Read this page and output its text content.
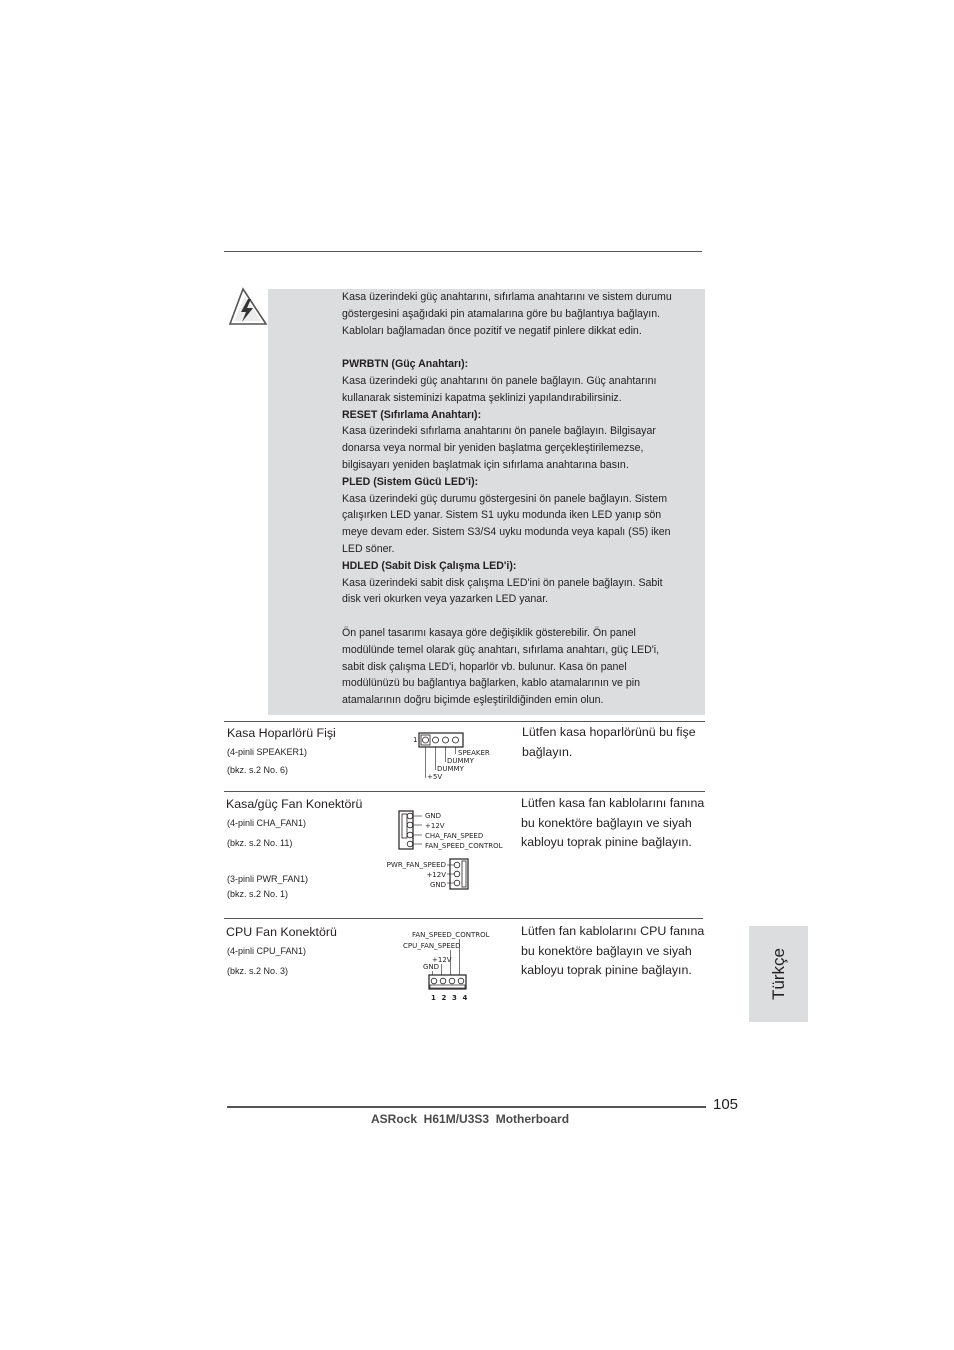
Kasa üzerindeki güç anahtarını, sıfırlama anahtarını ve sistem durumu

göstergesini aşağıdaki pin atamalarına göre bu bağlantıya bağlayın.

Kabloları bağlamadan önce pozitif ve negatif pinlere dikkat edin.

PWRBTN (Güç Anahtarı):

Kasa üzerindeki güç anahtarını ön panele bağlayın. Güç anahtarını

kullanarak sisteminizi kapatma şeklinizi yapılandırabilirsiniz.

RESET (Sıfırlama Anahtarı):

Kasa üzerindeki sıfırlama anahtarını ön panele bağlayın. Bilgisayar

donarsa veya normal bir yeniden başlatma gerçekleştirilemezse,

bilgisayarı yeniden başlatmak için sıfırlama anahtarına basın.

PLED (Sistem Gücü LED'i):

Kasa üzerindeki güç durumu göstergesini ön panele bağlayın. Sistem

çalışırken LED yanar. Sistem S1 uyku modunda iken LED yanıp sön

meye devam eder. Sistem S3/S4 uyku modunda veya kapalı (S5) iken

LED söner.

HDLED (Sabit Disk Çalışma LED'i):

Kasa üzerindeki sabit disk çalışma LED'ini ön panele bağlayın. Sabit

disk veri okurken veya yazarken LED yanar.

Ön panel tasarımı kasaya göre değişiklik gösterebilir. Ön panel

modülünde temel olarak güç anahtarı, sıfırlama anahtarı, güç LED'i,

sabit disk çalışma LED'i, hoparlör vb. bulunur. Kasa ön panel

modülünüzü bu bağlantıya bağlarken, kablo atamalarının ve pin

atamalarının doğru biçimde eşleştirildiğinden emin olun.

Kasa Hoparlörü Fişi
(4-pinli SPEAKER1)
(bkz. s.2 No. 6)
1
SPEAKER
DUMMY
DUMMY
+5V
Lütfen kasa hoparlörünü bu fişe bağlayın.
Kasa/güç Fan Konektörü
(4-pinli CHA_FAN1)
(bkz. s.2 No. 11)
(3-pinli PWR_FAN1)
(bkz. s.2 No. 1)
GND
+12V
CHA_FAN_SPEED
FAN_SPEED_CONTROL
PWR_FAN_SPEED
+12V
GND
Lütfen kasa fan kablolarını fanına bu konektöre bağlayın ve siyah kabloyu toprak pinine bağlayın.
CPU Fan Konektörü
(4-pinli CPU_FAN1)
(bkz. s.2 No. 3)
FAN_SPEED_CONTROL
CPU_FAN_SPEED
+12V
GND
1 2 3 4
Lütfen fan kablolarını CPU fanına bu konektöre bağlayın ve siyah kabloyu toprak pinine bağlayın.	Türkçe
105
ASRock  H61M/U3S3  Motherboard
